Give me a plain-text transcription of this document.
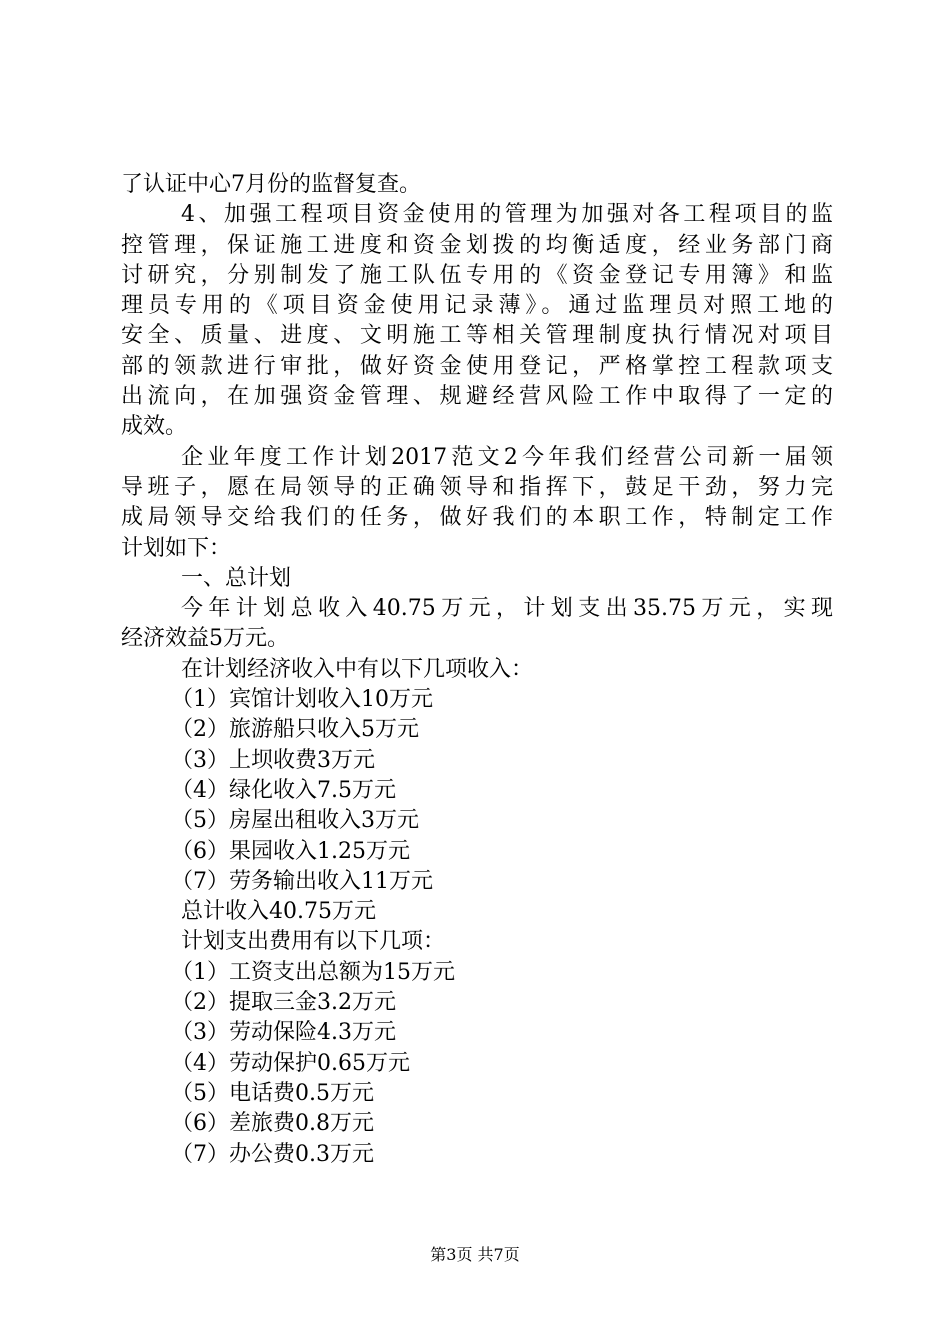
了认证中心7月份的监督复查。
4、加强工程项目资金使用的管理为加强对各工程项目的监
控管理，保证施工进度和资金划拨的均衡适度，经业务部门商
讨研究，分别制发了施工队伍专用的《资金登记专用簿》和监
理员专用的《项目资金使用记录薄》。通过监理员对照工地的
安全、质量、进度、文明施工等相关管理制度执行情况对项目
部的领款进行审批，做好资金使用登记，严格掌控工程款项支
出流向，在加强资金管理、规避经营风险工作中取得了一定的
成效。
企业年度工作计划2017范文2今年我们经营公司新一届领
导班子，愿在局领导的正确领导和指挥下，鼓足干劲，努力完
成局领导交给我们的任务，做好我们的本职工作，特制定工作
计划如下：
一、总计划
今年计划总收入40.75万元，计划支出35.75万元，实现
经济效益5万元。
在计划经济收入中有以下几项收入：
（1）宾馆计划收入10万元
（2）旅游船只收入5万元
（3）上坝收费3万元
（4）绿化收入7.5万元
（5）房屋出租收入3万元
（6）果园收入1.25万元
（7）劳务输出收入11万元
总计收入40.75万元
计划支出费用有以下几项：
（1）工资支出总额为15万元
（2）提取三金3.2万元
（3）劳动保险4.3万元
（4）劳动保护0.65万元
（5）电话费0.5万元
（6）差旅费0.8万元
（7）办公费0.3万元
第3页 共7页
